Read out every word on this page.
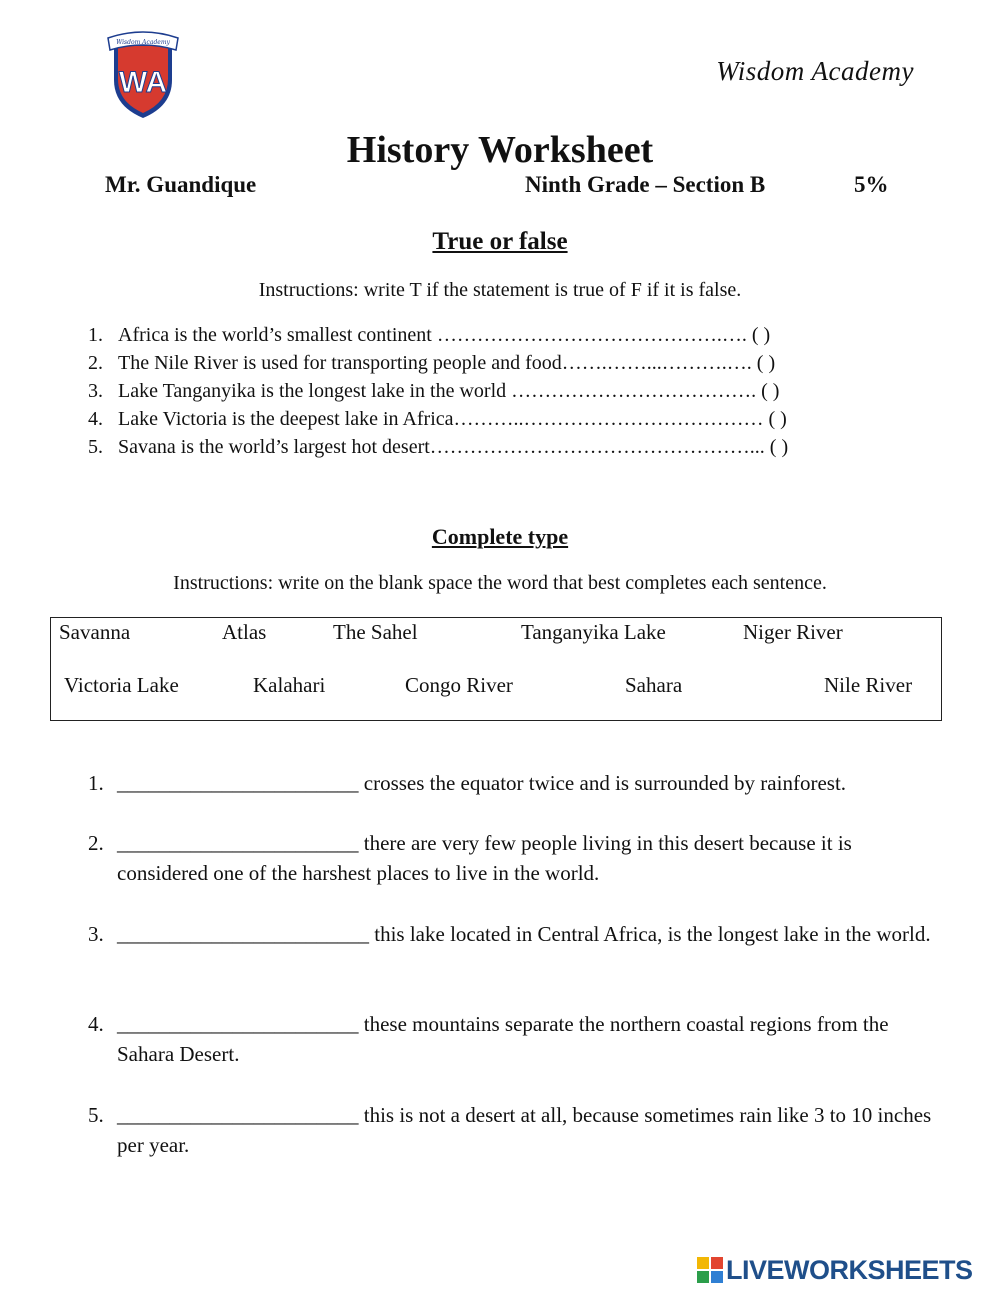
Wisdom Academy
WA	Wisdom Academy
History Worksheet
Mr. Guandique	Ninth Grade – Section B	5%
True or false
Instructions: write T if the statement is true of F if it is false.
1. Africa is the world’s smallest continent …………………………………….…. ( )
2. The Nile River is used for transporting people and food…….……...……….…. ( )
3. Lake Tanganyika is the longest lake in the world ………………………………. ( )
4. Lake Victoria is the deepest lake in Africa………..……………………………… ( )
5. Savana is the world’s largest hot desert…………………………………………... ( )
Complete type
Instructions: write on the blank space the word that best completes each sentence.
Savanna	Atlas	The Sahel	Tanganyika Lake	Niger River
Victoria Lake	Kalahari	Congo River	Sahara	Nile River
1. _______________________ crosses the equator twice and is surrounded by rainforest.
2. _______________________ there are very few people living in this desert because it is considered one of the harshest places to live in the world.
3. ________________________ this lake located in Central Africa, is the longest lake in the world.
4. _______________________ these mountains separate the northern coastal regions from the Sahara Desert.
5. _______________________ this is not a desert at all, because sometimes rain like 3 to 10 inches per year.
LIVEWORKSHEETS
